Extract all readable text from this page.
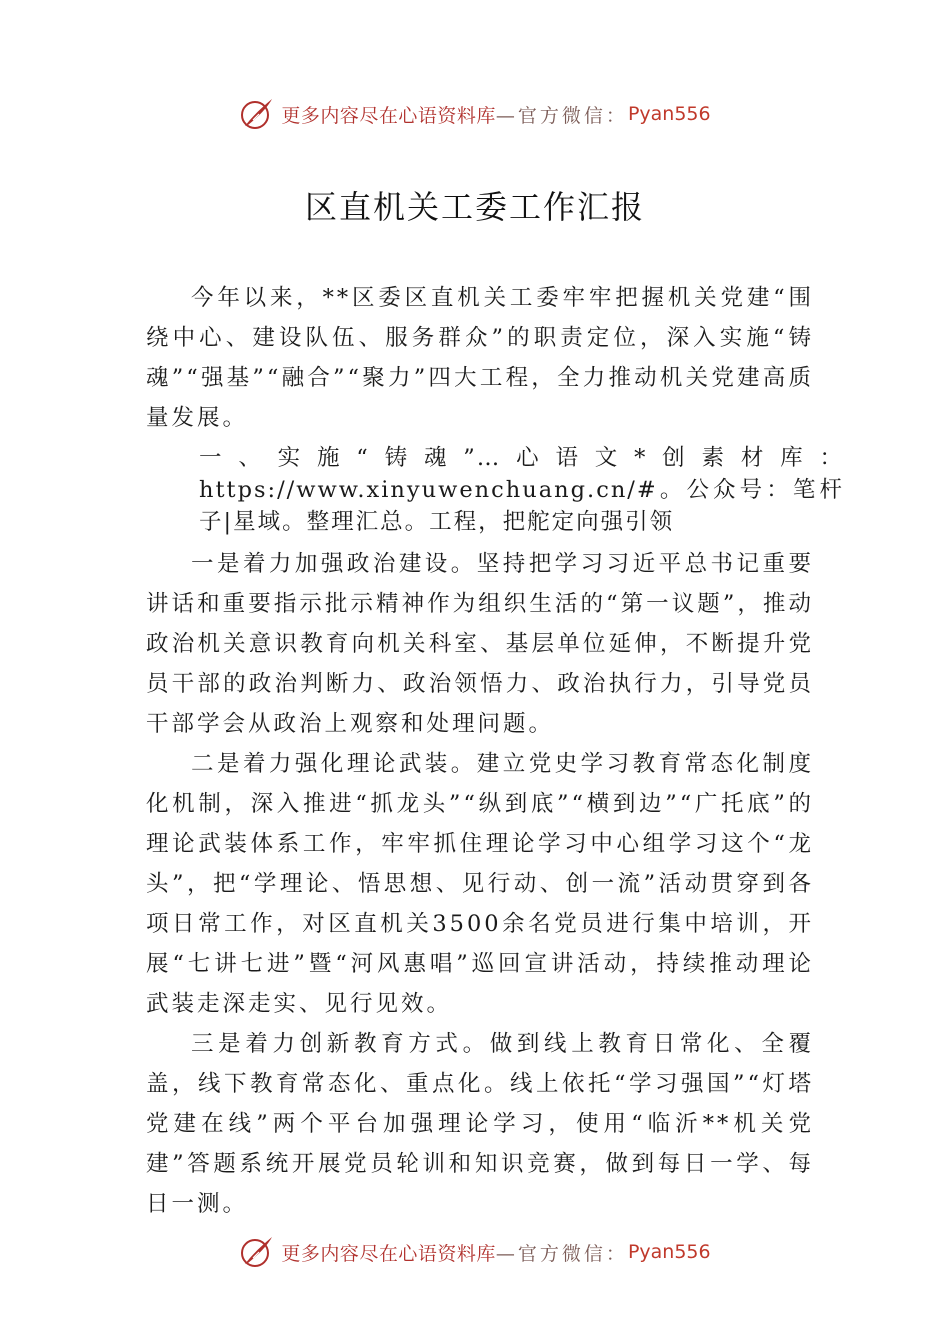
更多内容尽在心语资料库 —官方微信： Pyan556
区直机关工委工作汇报

今年以来，**区委区直机关工委牢牢把握机关党建“围绕中心、建设队伍、服务群众”的职责定位，深入实施“铸魂”“强基”“融合”“聚力”四大工程，全力推动机关党建高质量发展。

一、实施“铸魂”…心语文*创素材库：https://www.xinyuwenchuang.cn/#。公众号：笔杆子|星域。整理汇总。工程，把舵定向强引领

一是着力加强政治建设。坚持把学习习近平总书记重要讲话和重要指示批示精神作为组织生活的“第一议题”，推动政治机关意识教育向机关科室、基层单位延伸，不断提升党员干部的政治判断力、政治领悟力、政治执行力，引导党员干部学会从政治上观察和处理问题。

二是着力强化理论武装。建立党史学习教育常态化制度化机制，深入推进“抓龙头”“纵到底”“横到边”“广托底”的理论武装体系工作，牢牢抓住理论学习中心组学习这个“龙头”，把“学理论、悟思想、见行动、创一流”活动贯穿到各项日常工作，对区直机关3500余名党员进行集中培训，开展“七讲七进”暨“河风惠唱”巡回宣讲活动，持续推动理论武装走深走实、见行见效。

三是着力创新教育方式。做到线上教育日常化、全覆盖，线下教育常态化、重点化。线上依托“学习强国”“灯塔党建在线”两个平台加强理论学习，使用“临沂**机关党建”答题系统开展党员轮训和知识竞赛，做到每日一学、每日一测。

更多内容尽在心语资料库 —官方微信： Pyan556
